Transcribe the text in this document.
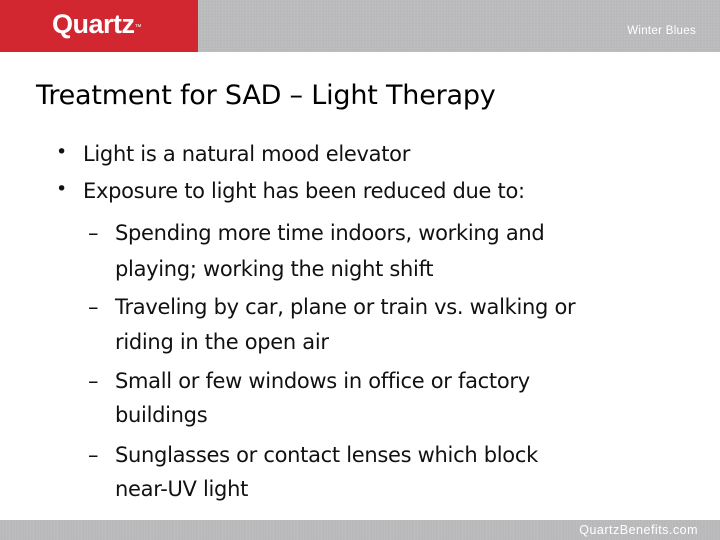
Quartz™	Winter Blues
Treatment for SAD – Light Therapy
• Light is a natural mood elevator
• Exposure to light has been reduced due to:
– Spending more time indoors, working and
playing; working the night shift
– Traveling by car, plane or train vs. walking or
riding in the open air
– Small or few windows in office or factory
buildings
– Sunglasses or contact lenses which block
near-UV light
QuartzBenefits.com
